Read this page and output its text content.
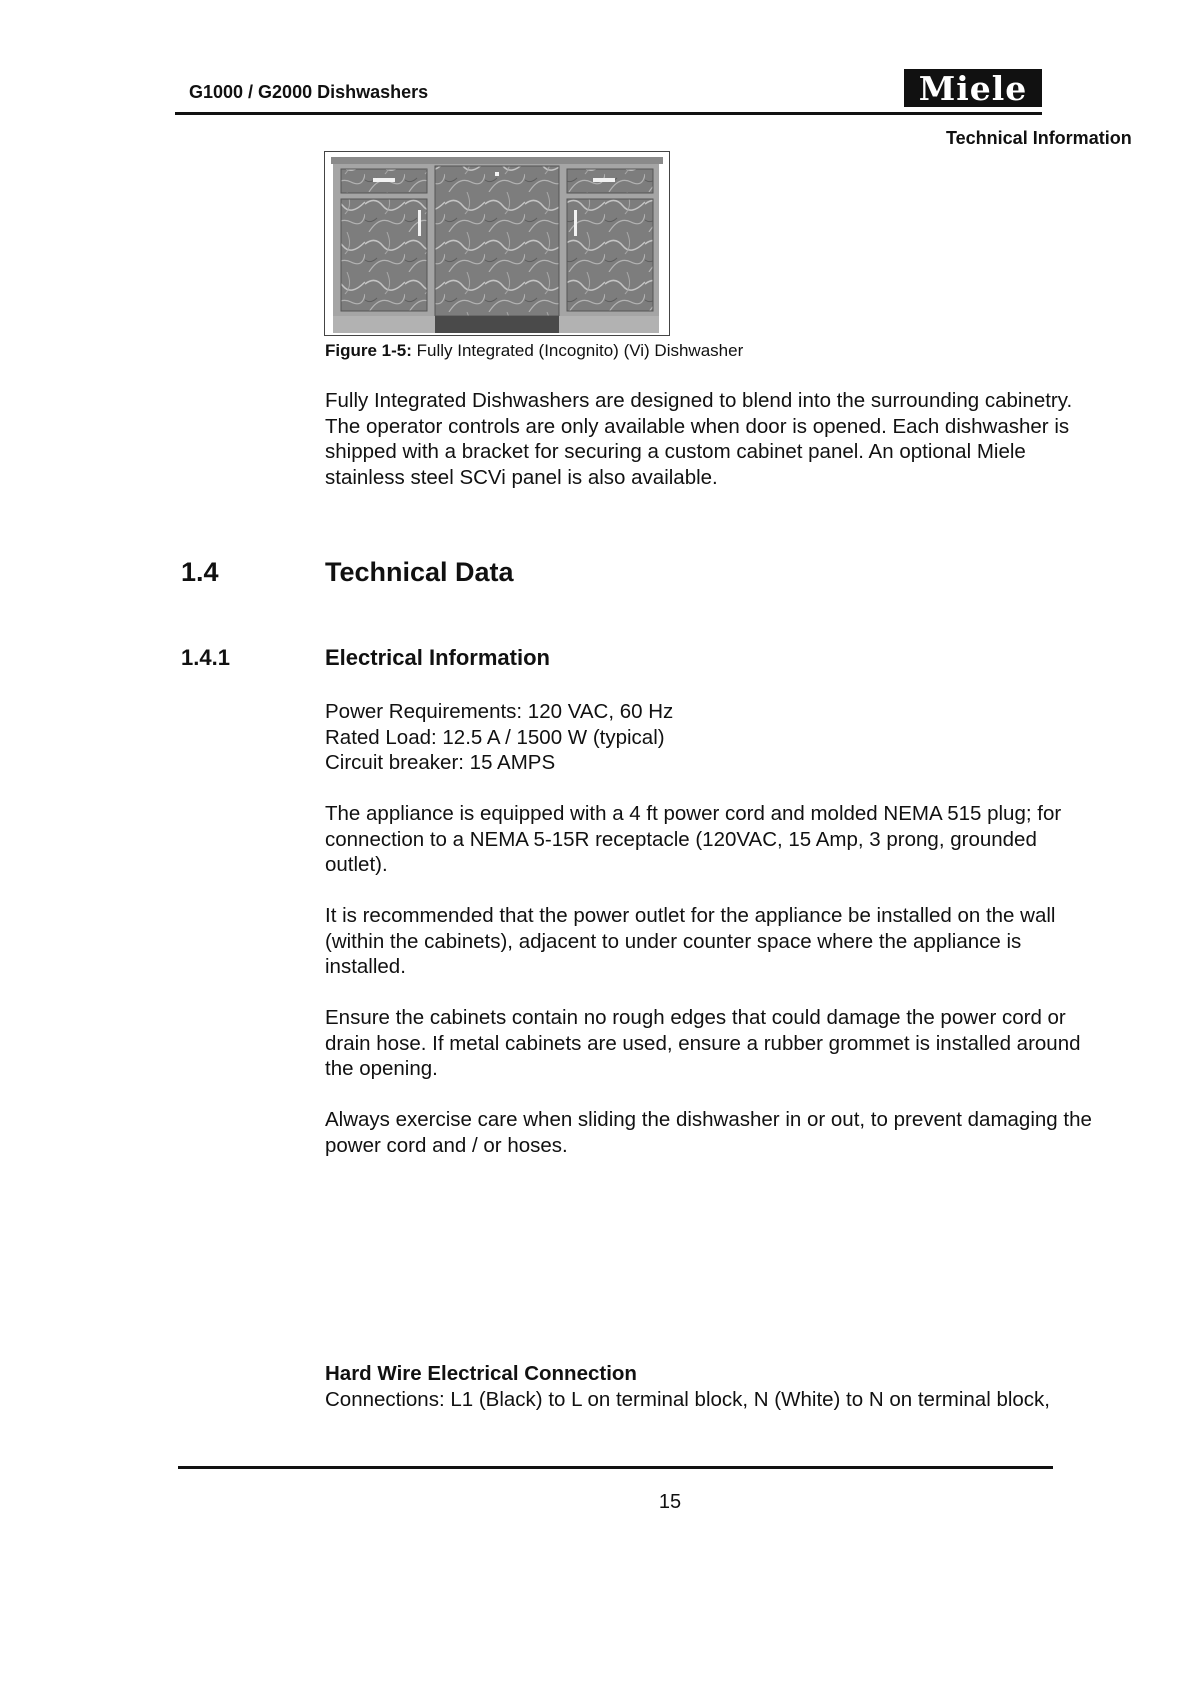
G1000 / G2000 Dishwashers	Miele
Technical Information
Figure 1-5: Fully Integrated (Incognito) (Vi) Dishwasher
Fully Integrated Dishwashers are designed to blend into the surrounding cabinetry.
The operator controls are only available when door is opened. Each dishwasher is
shipped with a bracket for securing a custom cabinet panel. An optional Miele
stainless steel SCVi panel is also available.
1.4	Technical Data
1.4.1	Electrical Information
Power Requirements: 120 VAC, 60 Hz
Rated Load: 12.5 A / 1500 W (typical)
Circuit breaker: 15 AMPS
The appliance is equipped with a 4 ft power cord and molded NEMA 515 plug; for
connection to a NEMA 5-15R receptacle (120VAC, 15 Amp, 3 prong, grounded
outlet).
It is recommended that the power outlet for the appliance be installed on the wall
(within the cabinets), adjacent to under counter space where the appliance is
installed.
Ensure the cabinets contain no rough edges that could damage the power cord or
drain hose. If metal cabinets are used, ensure a rubber grommet is installed around
the opening.
Always exercise care when sliding the dishwasher in or out, to prevent damaging the
power cord and / or hoses.
Hard Wire Electrical Connection
Connections: L1 (Black) to L on terminal block, N (White) to N on terminal block,
15
